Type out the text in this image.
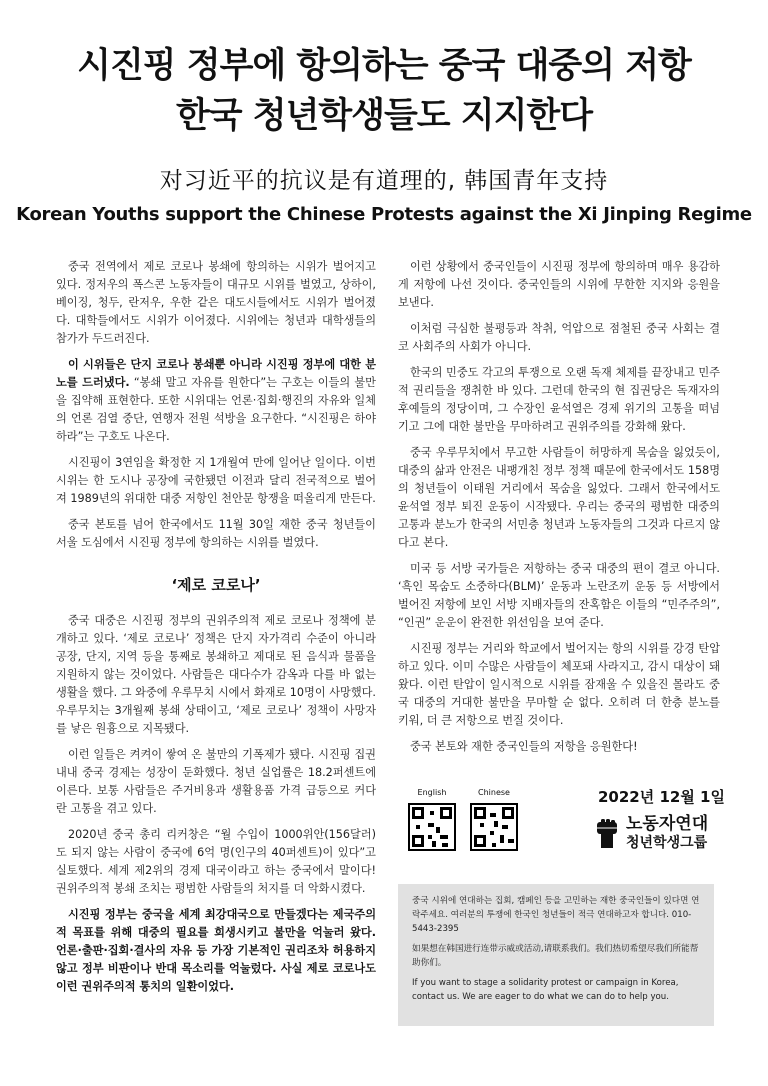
시진핑 정부에 항의하는 중국 대중의 저항
한국 청년학생들도 지지한다
对习近平的抗议是有道理的, 韩国青年支持
Korean Youths support the Chinese Protests against the Xi Jinping Regime

중국 전역에서 제로 코로나 봉쇄에 항의하는 시위가 벌어지고 있다. 정저우의 폭스콘 노동자들이 대규모 시위를 벌였고, 상하이, 베이징, 청두, 란저우, 우한 같은 대도시들에서도 시위가 벌어졌다. 대학들에서도 시위가 이어졌다. 시위에는 청년과 대학생들의 참가가 두드러진다.

이 시위들은 단지 코로나 봉쇄뿐 아니라 시진핑 정부에 대한 분노를 드러냈다. “봉쇄 말고 자유를 원한다”는 구호는 이들의 불만을 집약해 표현한다. 또한 시위대는 언론·집회·행진의 자유와 일체의 언론 검열 중단, 연행자 전원 석방을 요구한다. “시진핑은 하야하라”는 구호도 나온다.

시진핑이 3연임을 확정한 지 1개월여 만에 일어난 일이다. 이번 시위는 한 도시나 공장에 국한됐던 이전과 달리 전국적으로 벌어져 1989년의 위대한 대중 저항인 천안문 항쟁을 떠올리게 만든다.

중국 본토를 넘어 한국에서도 11월 30일 재한 중국 청년들이 서울 도심에서 시진핑 정부에 항의하는 시위를 벌였다.

‘제로 코로나’

중국 대중은 시진핑 정부의 권위주의적 제로 코로나 정책에 분개하고 있다. ‘제로 코로나’ 정책은 단지 자가격리 수준이 아니라 공장, 단지, 지역 등을 통째로 봉쇄하고 제대로 된 음식과 물품을 지원하지 않는 것이었다. 사람들은 대다수가 감옥과 다를 바 없는 생활을 했다. 그 와중에 우루무치 시에서 화재로 10명이 사망했다. 우루무치는 3개월째 봉쇄 상태이고, ‘제로 코로나’ 정책이 사망자를 낳은 원흉으로 지목됐다.

이런 일들은 켜켜이 쌓여 온 불만의 기폭제가 됐다. 시진핑 집권 내내 중국 경제는 성장이 둔화했다. 청년 실업률은 18.2퍼센트에 이른다. 보통 사람들은 주거비용과 생활용품 가격 급등으로 커다란 고통을 겪고 있다.

2020년 중국 총리 리커창은 “월 수입이 1000위안(156달러)도 되지 않는 사람이 중국에 6억 명(인구의 40퍼센트)이 있다”고 실토했다. 세계 제2위의 경제 대국이라고 하는 중국에서 말이다! 권위주의적 봉쇄 조치는 평범한 사람들의 처지를 더 악화시켰다.

시진핑 정부는 중국을 세계 최강대국으로 만들겠다는 제국주의적 목표를 위해 대중의 필요를 희생시키고 불만을 억눌러 왔다. 언론·출판·집회·결사의 자유 등 가장 기본적인 권리조차 허용하지 않고 정부 비판이나 반대 목소리를 억눌렀다. 사실 제로 코로나도 이런 권위주의적 통치의 일환이었다.

이런 상황에서 중국인들이 시진핑 정부에 항의하며 매우 용감하게 저항에 나선 것이다. 중국인들의 시위에 무한한 지지와 응원을 보낸다.

이처럼 극심한 불평등과 착취, 억압으로 점철된 중국 사회는 결코 사회주의 사회가 아니다.

한국의 민중도 각고의 투쟁으로 오랜 독재 체제를 끝장내고 민주적 권리들을 쟁취한 바 있다. 그런데 한국의 현 집권당은 독재자의 후예들의 정당이며, 그 수장인 윤석열은 경제 위기의 고통을 떠넘기고 그에 대한 불만을 무마하려고 권위주의를 강화해 왔다.

중국 우루무치에서 무고한 사람들이 허망하게 목숨을 잃었듯이, 대중의 삶과 안전은 내팽개친 정부 정책 때문에 한국에서도 158명의 청년들이 이태원 거리에서 목숨을 잃었다. 그래서 한국에서도 윤석열 정부 퇴진 운동이 시작됐다. 우리는 중국의 평범한 대중의 고통과 분노가 한국의 서민층 청년과 노동자들의 그것과 다르지 않다고 본다.

미국 등 서방 국가들은 저항하는 중국 대중의 편이 결코 아니다. ‘흑인 목숨도 소중하다(BLM)’ 운동과 노란조끼 운동 등 서방에서 벌어진 저항에 보인 서방 지배자들의 잔혹함은 이들의 “민주주의”, “인권” 운운이 완전한 위선임을 보여 준다.

시진핑 정부는 거리와 학교에서 벌어지는 항의 시위를 강경 탄압하고 있다. 이미 수많은 사람들이 체포돼 사라지고, 감시 대상이 돼 왔다. 이런 탄압이 일시적으로 시위를 잠재울 수 있을진 몰라도 중국 대중의 거대한 불만을 무마할 순 없다. 오히려 더 한층 분노를 키워, 더 큰 저항으로 번질 것이다.

중국 본토와 재한 중국인들의 저항을 응원한다!

English	Chinese	2022년 12월 1일
노동자연대
청년학생그룹

중국 시위에 연대하는 집회, 캠페인 등을 고민하는 재한 중국인들이 있다면 연락주세요. 여러분의 투쟁에 한국인 청년들이 적극 연대하고자 합니다. 010-5443-2395

如果想在韩国进行连带示威或活动,请联系我们。我们热切希望尽我们所能帮助你们。

If you want to stage a solidarity protest or campaign in Korea, contact us. We are eager to do what we can do to help you.
